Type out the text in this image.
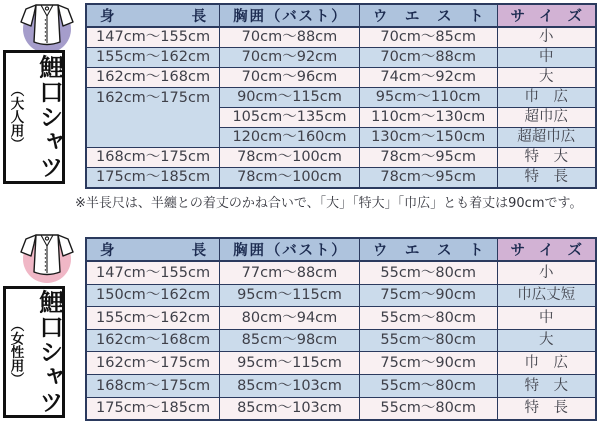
鯉口シャツ
（大人用）
身	長	胸 囲 （ バ ス ト ）	ウ エ ス ト	サ イ ズ

147cm～155cm	70cm～88cm	70cm～85cm	小
155cm～162cm	70cm～92cm	70cm～88cm	中
162cm～168cm	70cm～96cm	74cm～92cm	大
162cm～175cm	90cm～115cm	95cm～110cm	巾　広
	105cm～135cm	110cm～130cm	超巾広
	120cm～160cm	130cm～150cm	超超巾広
168cm～175cm	78cm～100cm	78cm～95cm	特　大
175cm～185cm	78cm～100cm	78cm～95cm	特　長
※半長尺は、半纏との着丈のかね合いで、「大」「特大」「巾広」とも着丈は90cmです。
鯉口シャツ
（女性用）
身	長	胸 囲 （ バ ス ト ）	ウ エ ス ト	サ イ ズ

147cm～155cm	77cm～88cm	55cm～80cm	小
150cm～162cm	95cm～115cm	75cm～90cm	巾広丈短
155cm～162cm	80cm～94cm	55cm～80cm	中
162cm～168cm	85cm～98cm	55cm～80cm	大
162cm～175cm	95cm～115cm	75cm～90cm	巾　広
168cm～175cm	85cm～103cm	55cm～80cm	特　大
175cm～185cm	85cm～103cm	55cm～80cm	特　長
